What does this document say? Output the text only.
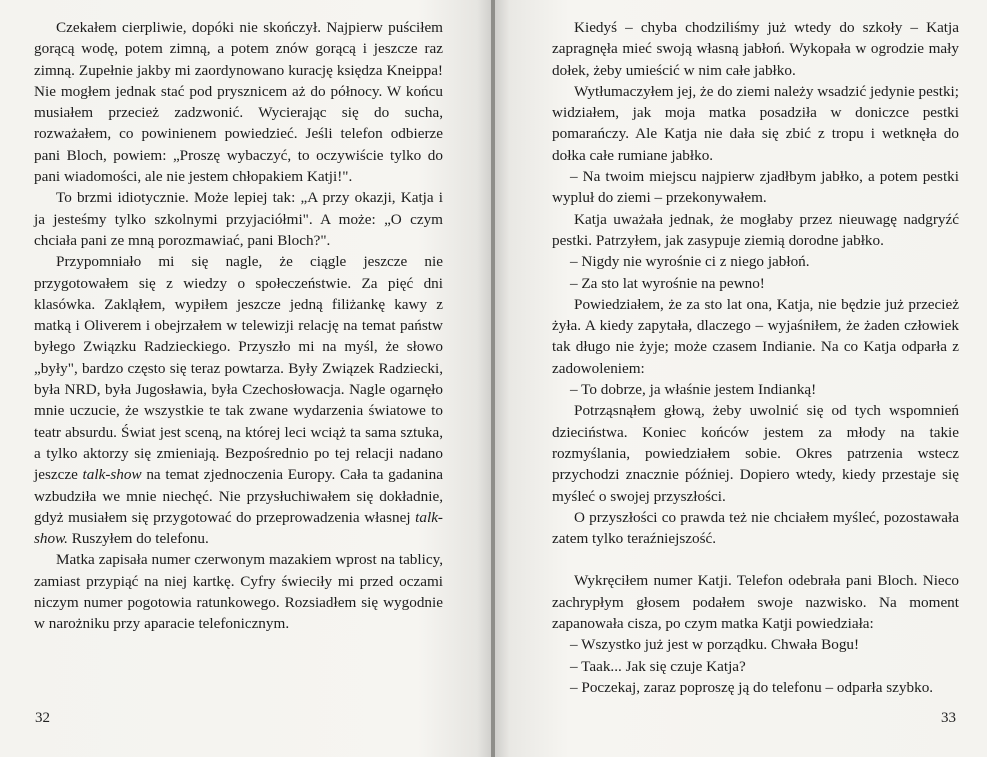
Czekałem cierpliwie, dopóki nie skończył. Najpierw puściłem gorącą wodę, potem zimną, a potem znów gorącą i jeszcze raz zimną. Zupełnie jakby mi zaordynowano kurację księdza Kneippa! Nie mogłem jednak stać pod prysznicem aż do północy. W końcu musiałem przecież zadzwonić. Wycierając się do sucha, rozważałem, co powinienem powiedzieć. Jeśli telefon odbierze pani Bloch, powiem: „Proszę wybaczyć, to oczywiście tylko do pani wiadomości, ale nie jestem chłopakiem Katji!".

To brzmi idiotycznie. Może lepiej tak: „A przy okazji, Katja i ja jesteśmy tylko szkolnymi przyjaciółmi". A może: „O czym chciała pani ze mną porozmawiać, pani Bloch?".

Przypomniało mi się nagle, że ciągle jeszcze nie przygotowałem się z wiedzy o społeczeństwie. Za pięć dni klasówka. Zakląłem, wypiłem jeszcze jedną filiżankę kawy z matką i Oliverem i obejrzałem w telewizji relację na temat państw byłego Związku Radzieckiego. Przyszło mi na myśl, że słowo „były", bardzo często się teraz powtarza. Były Związek Radziecki, była NRD, była Jugosławia, była Czechosłowacja. Nagle ogarnęło mnie uczucie, że wszystkie te tak zwane wydarzenia światowe to teatr absurdu. Świat jest sceną, na której leci wciąż ta sama sztuka, a tylko aktorzy się zmieniają. Bezpośrednio po tej relacji nadano jeszcze talk-show na temat zjednoczenia Europy. Cała ta gadanina wzbudziła we mnie niechęć. Nie przysłuchiwałem się dokładnie, gdyż musiałem się przygotować do przeprowadzenia własnej talk-show. Ruszyłem do telefonu.

Matka zapisała numer czerwonym mazakiem wprost na tablicy, zamiast przypiąć na niej kartkę. Cyfry świeciły mi przed oczami niczym numer pogotowia ratunkowego. Rozsiadłem się wygodnie w narożniku przy aparacie telefonicznym.

32

Kiedyś – chyba chodziliśmy już wtedy do szkoły – Katja zapragnęła mieć swoją własną jabłoń. Wykopała w ogrodzie mały dołek, żeby umieścić w nim całe jabłko.

Wytłumaczyłem jej, że do ziemi należy wsadzić jedynie pestki; widziałem, jak moja matka posadziła w doniczce pestki pomarańczy. Ale Katja nie dała się zbić z tropu i wetknęła do dołka całe rumiane jabłko.

– Na twoim miejscu najpierw zjadłbym jabłko, a potem pestki wypluł do ziemi – przekonywałem.

Katja uważała jednak, że mogłaby przez nieuwagę nadgryźć pestki. Patrzyłem, jak zasypuje ziemią dorodne jabłko.

– Nigdy nie wyrośnie ci z niego jabłoń.

– Za sto lat wyrośnie na pewno!

Powiedziałem, że za sto lat ona, Katja, nie będzie już przecież żyła. A kiedy zapytała, dlaczego – wyjaśniłem, że żaden człowiek tak długo nie żyje; może czasem Indianie. Na co Katja odparła z zadowoleniem:

– To dobrze, ja właśnie jestem Indianką!

Potrząsnąłem głową, żeby uwolnić się od tych wspomnień dzieciństwa. Koniec końców jestem za młody na takie rozmyślania, powiedziałem sobie. Okres patrzenia wstecz przychodzi znacznie później. Dopiero wtedy, kiedy przestaje się myśleć o swojej przyszłości.

O przyszłości co prawda też nie chciałem myśleć, pozostawała zatem tylko teraźniejszość.

Wykręciłem numer Katji. Telefon odebrała pani Bloch. Nieco zachrypłym głosem podałem swoje nazwisko. Na moment zapanowała cisza, po czym matka Katji powiedziała:

– Wszystko już jest w porządku. Chwała Bogu!

– Taak... Jak się czuje Katja?

– Poczekaj, zaraz poproszę ją do telefonu – odparła szybko.

33
